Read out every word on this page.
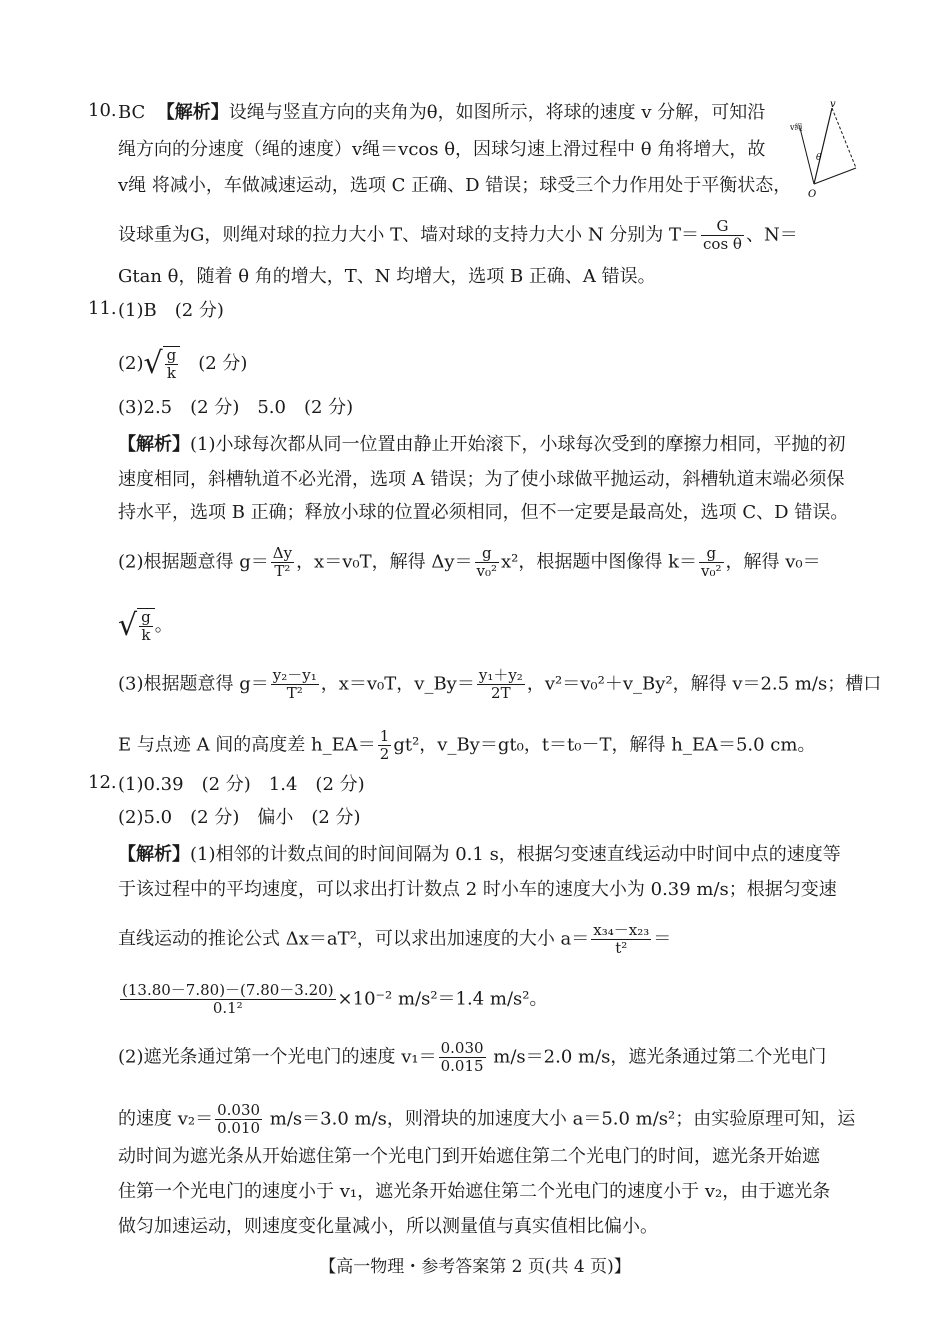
10. BC 【解析】设绳与竖直方向的夹角为θ，如图所示，将球的速度 v 分解，可知沿
绳方向的分速度（绳的速度）v绳＝vcos θ，因球匀速上滑过程中 θ 角将增大，故
v绳 将减小，车做减速运动，选项 C 正确、D 错误；球受三个力作用处于平衡状态，
设球重为G，则绳对球的拉力大小 T、墙对球的支持力大小 N 分别为 $T= \frac{G}{\text{cos θ}}$ 、N＝
Gtan θ，随着 θ 角的增大，T、N 均增大，选项 B 正确、A 错误。
v
v绳
θ
O
11. (1)B　(2 分)
$(2)√ \frac{g}{k}$ 　(2 分)
(3)2.5　(2 分)　5.0　(2 分)
【解析】(1)小球每次都从同一位置由静止开始滚下，小球每次受到的摩擦力相同，平抛的初
速度相同，斜槽轨道不必光滑，选项 A 错误；为了使小球做平抛运动，斜槽轨道末端必须保
持水平，选项 B 正确；释放小球的位置必须相同，但不一定要是最高处，选项 C、D 错误。
(2)根据题意得 $g= \frac{\Delta y}{\text{T²}}$ ，x＝v₀T，解得 $\Delta y= \frac{g}{\text{v₀²}} x^2$，根据题中图像得 $k= \frac{g}{\text{v₀²}}$ ，解得 v₀＝
√ $\frac{g}{k}$ 。
(3)根据题意得 $g= \frac{\text{y₂－y₁}}{\text{T²}}$ ，x＝v₀T，v_By＝ $\frac{\text{y₁＋y₂}}{2T}$ ，v²＝v₀²＋v_By²，解得 v＝2.5 m/s；槽口
E 与点迹 A 间的高度差 h_EA＝ $\frac{1}{2} gt^2$，v_By＝gt₀，t＝t₀－T，解得 h_EA＝5.0 cm。
12. (1)0.39　(2 分)　1.4　(2 分)
(2)5.0　(2 分)　偏小　(2 分)
【解析】(1)相邻的计数点间的时间间隔为 0.1 s，根据匀变速直线运动中时间中点的速度等
于该过程中的平均速度，可以求出打计数点 2 时小车的速度大小为 0.39 m/s；根据匀变速
直线运动的推论公式 Δx＝aT²，可以求出加速度的大小 $a= \frac{\text{x₃₄－x₂₃}}{\text{t²}}$ ＝
$\frac{(13.80-7.80)-(7.80-3.20)}{\text{0.1²}} \times 10^{-2}$ m/s²＝1.4 m/s²。
(2)遮光条通过第一个光电门的速度 $v_1= \frac{0.030}{0.015} m/s=2.0$ m/s，遮光条通过第二个光电门
的速度 $v_2= \frac{0.030}{0.010} m/s=3.0$ m/s，则滑块的加速度大小 a＝5.0 m/s²；由实验原理可知，运
动时间为遮光条从开始遮住第一个光电门到开始遮住第二个光电门的时间，遮光条开始遮
住第一个光电门的速度小于 v₁，遮光条开始遮住第二个光电门的速度小于 v₂，由于遮光条
做匀加速运动，则速度变化量减小，所以测量值与真实值相比偏小。
【高一物理・参考答案第 2 页(共 4 页)】
